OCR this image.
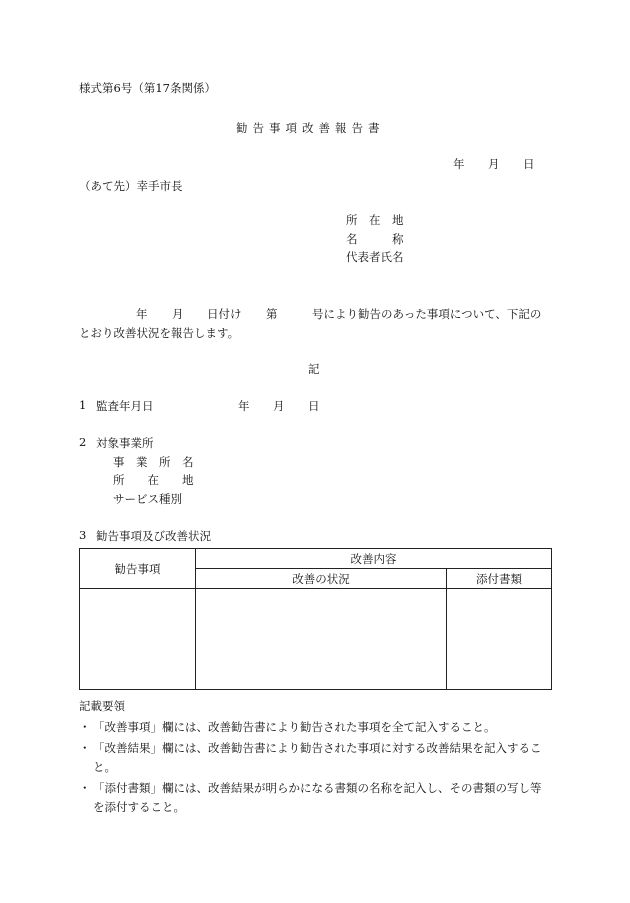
様式第6号（第17条関係）
勧告事項改善報告書
年 月 日
（あて先）幸手市長
所　在　地
名　　　称
代表者氏名
年 月 日付け 第	号により勧告のあった事項について、下記の
とおり改善状況を報告します。
記
1 監査年月日	年 月 日
2 対象事業所
事　業　所　名
所　　在　　地
サービス種別
3 勧告事項及び改善状況
勧告事項	改善内容	
	改善の状況	添付書類

記載要領
・ 「改善事項」欄には、改善勧告書により勧告された事項を全て記入すること。
・ 「改善結果」欄には、改善勧告書により勧告された事項に対する改善結果を記入するこ
と。
・ 「添付書類」欄には、改善結果が明らかになる書類の名称を記入し、その書類の写し等
を添付すること。
